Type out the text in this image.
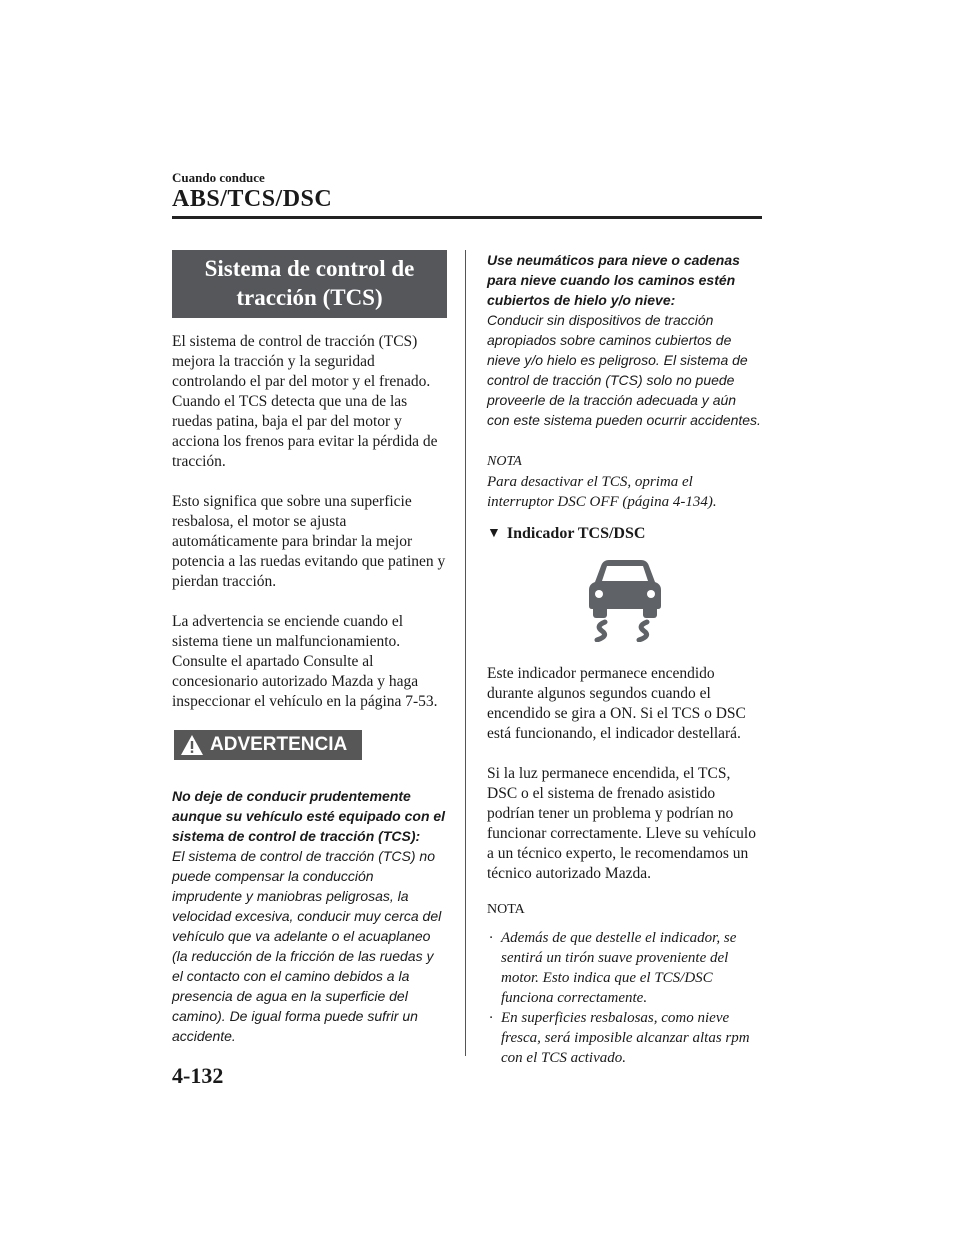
Cuando conduce
ABS/TCS/DSC
Sistema de control de
tracción (TCS)

El sistema de control de tracción (TCS) mejora la tracción y la seguridad controlando el par del motor y el frenado. Cuando el TCS detecta que una de las ruedas patina, baja el par del motor y acciona los frenos para evitar la pérdida de tracción.

Esto significa que sobre una superficie resbalosa, el motor se ajusta automáticamente para brindar la mejor potencia a las ruedas evitando que patinen y pierdan tracción.

La advertencia se enciende cuando el sistema tiene un malfuncionamiento. Consulte el apartado Consulte al concesionario autorizado Mazda y haga inspeccionar el vehículo en la página 7-53.

ADVERTENCIA

No deje de conducir prudentemente aunque su vehículo esté equipado con el sistema de control de tracción (TCS):

El sistema de control de tracción (TCS) no puede compensar la conducción imprudente y maniobras peligrosas, la velocidad excesiva, conducir muy cerca del vehículo que va adelante o el acuaplaneo (la reducción de la fricción de las ruedas y el contacto con el camino debidos a la presencia de agua en la superficie del camino). De igual forma puede sufrir un accidente.

Use neumáticos para nieve o cadenas para nieve cuando los caminos estén cubiertos de hielo y/o nieve:

Conducir sin dispositivos de tracción apropiados sobre caminos cubiertos de nieve y/o hielo es peligroso. El sistema de control de tracción (TCS) solo no puede proveerle de la tracción adecuada y aún con este sistema pueden ocurrir accidentes.

NOTA

Para desactivar el TCS, oprima el interruptor DSC OFF (página 4-134).

▼ Indicador TCS/DSC

Este indicador permanece encendido durante algunos segundos cuando el encendido se gira a ON. Si el TCS o DSC está funcionando, el indicador destellará.

Si la luz permanece encendida, el TCS, DSC o el sistema de frenado asistido podrían tener un problema y podrían no funcionar correctamente. Lleve su vehículo a un técnico experto, le recomendamos un técnico autorizado Mazda.

NOTA

· Además de que destelle el indicador, se sentirá un tirón suave proveniente del motor. Esto indica que el TCS/DSC funciona correctamente.
· En superficies resbalosas, como nieve fresca, será imposible alcanzar altas rpm con el TCS activado.
4-132
